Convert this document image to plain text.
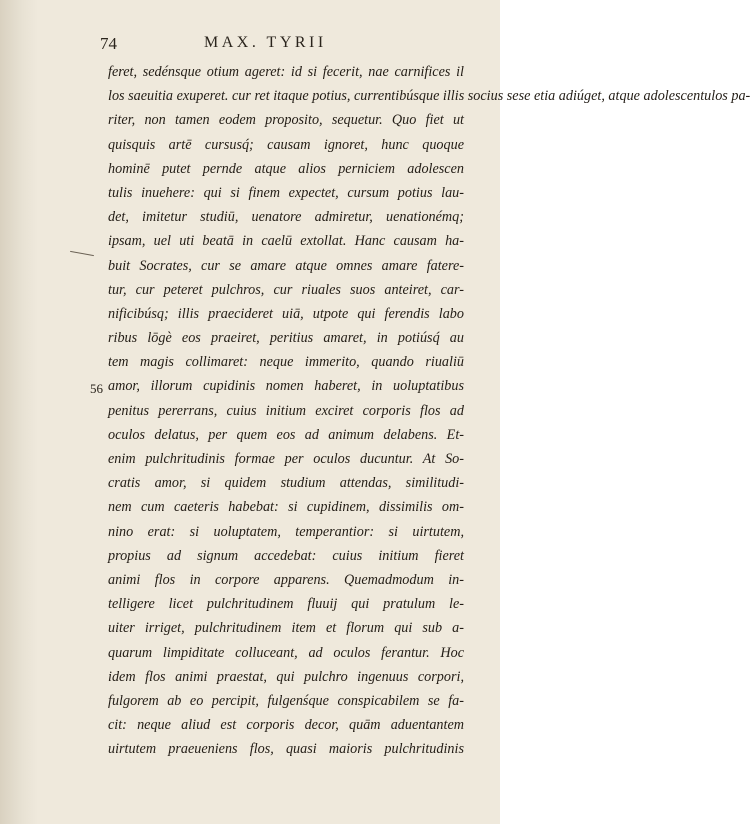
74	MAX. TYRII
56
feret, sedénsque otium ageret: id si fecerit, nae carnifices il
los saeuitia exuperet. cur ret itaque potius, currentibúsque illis socius sese etia adiúget, atque adolescentulos pa-
riter, non tamen eodem proposito, sequetur. Quo fiet ut
quisquis artē cursusq́; causam ignoret, hunc quoque
hominē putet pernde atque alios perniciem adolescen
tulis inuehere: qui si finem expectet, cursum potius lau-
det, imitetur studiū, uenatore admiretur, uenationémq;
ipsam, uel uti beatā in caelū extollat. Hanc causam ha-
buit Socrates, cur se amare atque omnes amare fatere-
tur, cur peteret pulchros, cur riuales suos anteiret, car-
nificibúsq; illis praecideret uiā, utpote qui ferendis labo
ribus lōgè eos praeiret, peritius amaret, in potiúsq́ au
tem magis collimaret: neque immerito, quando riualiū
amor, illorum cupidinis nomen haberet, in uoluptatibus
penitus pererrans, cuius initium exciret corporis flos ad
oculos delatus, per quem eos ad animum delabens. Et-
enim pulchritudinis formae per oculos ducuntur. At So-
cratis amor, si quidem studium attendas, similitudi-
nem cum caeteris habebat: si cupidinem, dissimilis om-
nino erat: si uoluptatem, temperantior: si uirtutem,
propius ad signum accedebat: cuius initium fieret
animi flos in corpore apparens. Quemadmodum in-
telligere licet pulchritudinem fluuij qui pratulum le-
uiter irriget, pulchritudinem item et florum qui sub a-
quarum limpiditate colluceant, ad oculos ferantur. Hoc
idem flos animi praestat, qui pulchro ingenuus corpori,
fulgorem ab eo percipit, fulgenśque conspicabilem se fa-
cit: neque aliud est corporis decor, quām aduentantem
uirtutem praeueniens flos, quasi maioris pulchritudinis
